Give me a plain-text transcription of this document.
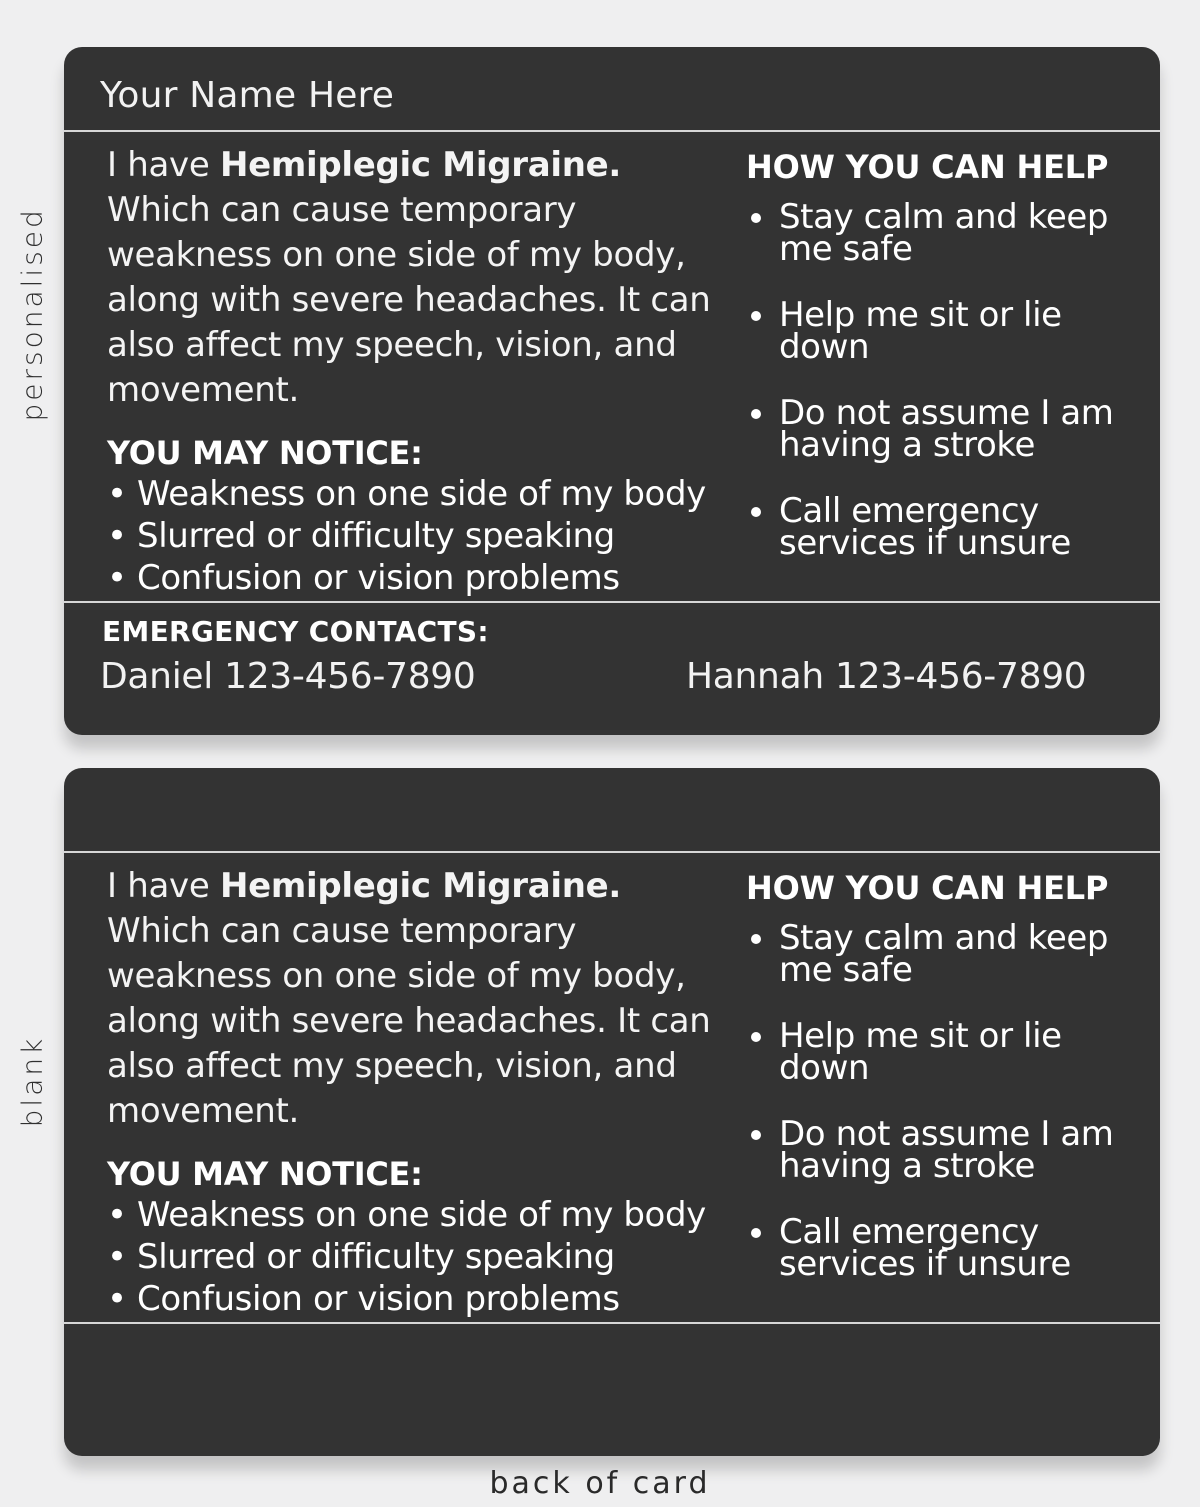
personalised
blank
Your Name Here
I have Hemiplegic Migraine.
Which can cause temporary weakness on one side of my body, along with severe headaches. It can also affect my speech, vision, and movement.
YOU MAY NOTICE:
• Weakness on one side of my body
• Slurred or difficulty speaking
• Confusion or vision problems
HOW YOU CAN HELP
Stay calm and keep me safe
Help me sit or lie down
Do not assume I am having a stroke
Call emergency services if unsure
EMERGENCY CONTACTS:
Daniel 123-456-7890	Hannah 123-456-7890
I have Hemiplegic Migraine.
Which can cause temporary weakness on one side of my body, along with severe headaches. It can also affect my speech, vision, and movement.
YOU MAY NOTICE:
• Weakness on one side of my body
• Slurred or difficulty speaking
• Confusion or vision problems
HOW YOU CAN HELP
Stay calm and keep me safe
Help me sit or lie down
Do not assume I am having a stroke
Call emergency services if unsure
back of card
